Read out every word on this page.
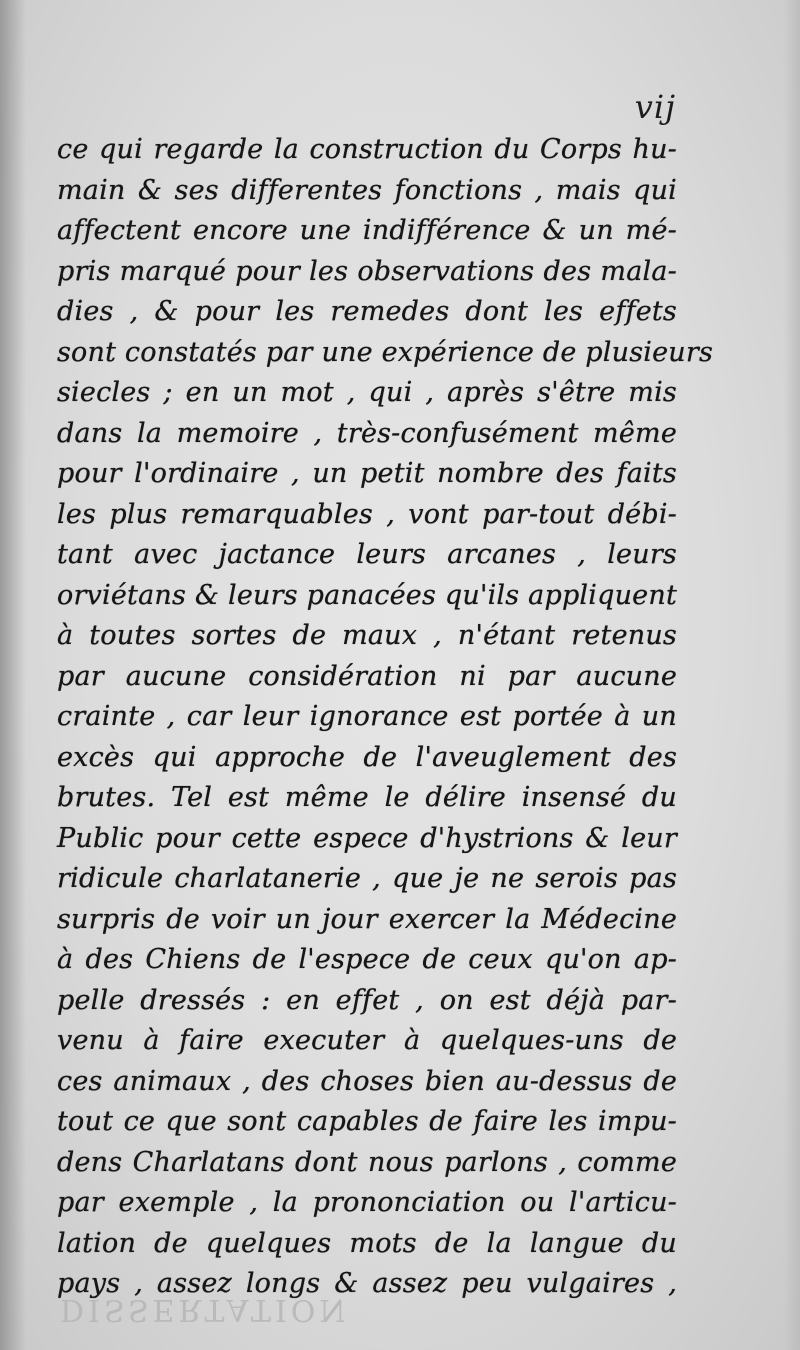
vij
ce qui regarde la construction du Corps hu-
main & ses differentes fonctions , mais qui
affectent encore une indifférence & un mé-
pris marqué pour les observations des mala-
dies , & pour les remedes dont les effets
sont constatés par une expérience de plusieurs
siecles ; en un mot , qui , après s'être mis
dans la memoire , très-confusément même
pour l'ordinaire , un petit nombre des faits
les plus remarquables , vont par-tout débi-
tant avec jactance leurs arcanes , leurs
orviétans & leurs panacées qu'ils appliquent
à toutes sortes de maux , n'étant retenus
par aucune considération ni par aucune
crainte , car leur ignorance est portée à un
excès qui approche de l'aveuglement des
brutes. Tel est même le délire insensé du
Public pour cette espece d'hystrions & leur
ridicule charlatanerie , que je ne serois pas
surpris de voir un jour exercer la Médecine
à des Chiens de l'espece de ceux qu'on ap-
pelle dressés : en effet , on est déjà par-
venu à faire executer à quelques-uns de
ces animaux , des choses bien au-dessus de
tout ce que sont capables de faire les impu-
dens Charlatans dont nous parlons , comme
par exemple , la prononciation ou l'articu-
lation de quelques mots de la langue du
pays , assez longs & assez peu vulgaires ,
DISSERTATION
